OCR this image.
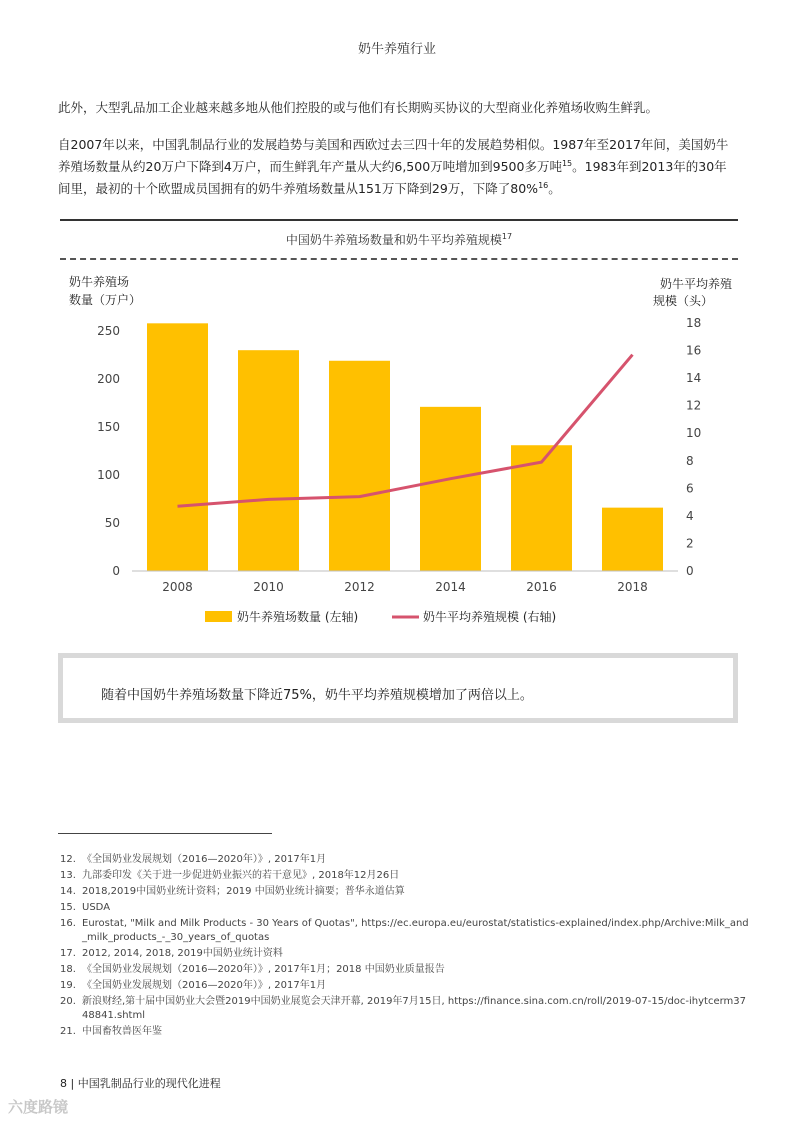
奶牛养殖行业
此外，大型乳品加工企业越来越多地从他们控股的或与他们有长期购买协议的大型商业化养殖场收购生鲜乳。
自2007年以来，中国乳制品行业的发展趋势与美国和西欧过去三四十年的发展趋势相似。1987年至2017年间，美国奶牛养殖场数量从约20万户下降到4万户，而生鲜乳年产量从大约6,500万吨增加到9500多万吨$^{15}$。1983年到2013年的30年间里，最初的十个欧盟成员国拥有的奶牛养殖场数量从151万下降到29万，下降了80%$^{16}$。
中国奶牛养殖场数量和奶牛平均养殖规模$^{17}$
奶牛养殖场
数量（万户）
奶牛平均养殖
规模（头）
0
50
100
150
200
250
0
2
4
6
8
10
12
14
16
18
2008	2010	2012	2014	2016	2018
奶牛养殖场数量 (左轴)	奶牛平均养殖规模 (右轴)
随着中国奶牛养殖场数量下降近75%，奶牛平均养殖规模增加了两倍以上。
12. 《全国奶业发展规划（2016—2020年）》, 2017年1月
13. 九部委印发《关于进一步促进奶业振兴的若干意见》, 2018年12月26日
14. 2018,2019中国奶业统计资料；2019 中国奶业统计摘要；普华永道估算
15. USDA
16. Eurostat, "Milk and Milk Products - 30 Years of Quotas", https://ec.europa.eu/eurostat/statistics-explained/index.php/Archive:Milk_and_milk_products_-_30_years_of_quotas
17. 2012, 2014, 2018, 2019中国奶业统计资料
18. 《全国奶业发展规划（2016—2020年）》, 2017年1月；2018 中国奶业质量报告
19. 《全国奶业发展规划（2016—2020年）》, 2017年1月
20. 新浪财经,第十届中国奶业大会暨2019中国奶业展览会天津开幕, 2019年7月15日, https://finance.sina.com.cn/roll/2019-07-15/doc-ihytcerm3748841.shtml
21. 中国畜牧兽医年鉴
8 | 中国乳制品行业的现代化进程
六度路镜
